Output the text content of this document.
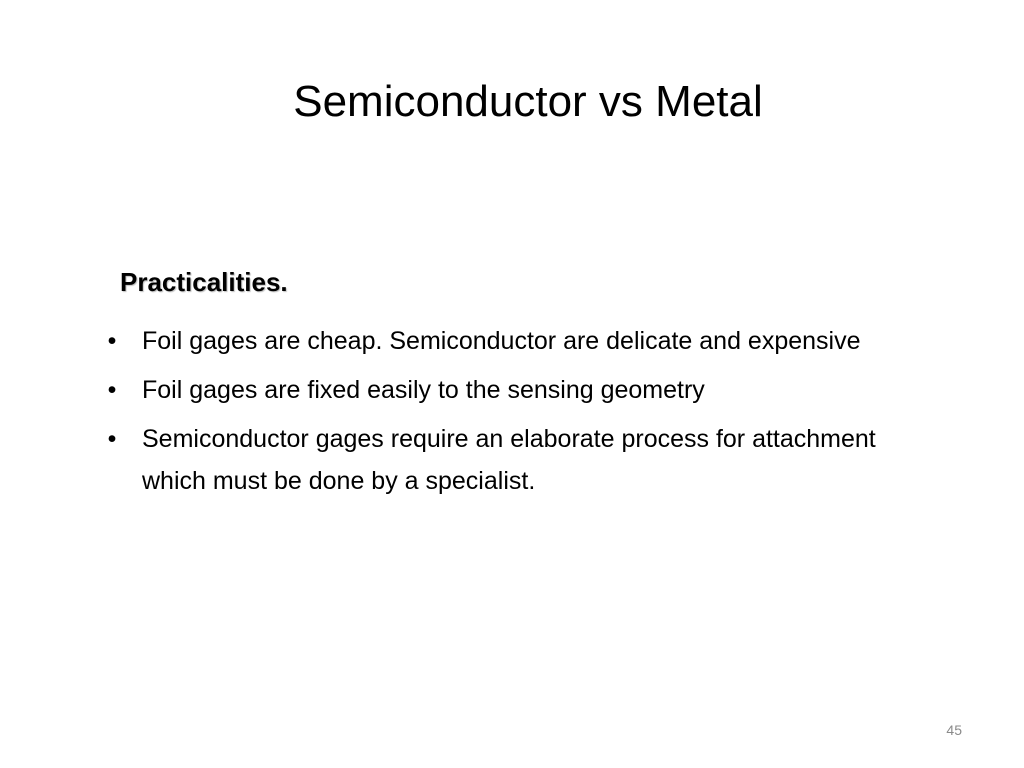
Semiconductor vs Metal
Practicalities.
•	Foil gages are cheap. Semiconductor are delicate and expensive
•	Foil gages are fixed easily to the sensing geometry
•	Semiconductor gages require an elaborate process for attachment which must be done by a specialist.
45
